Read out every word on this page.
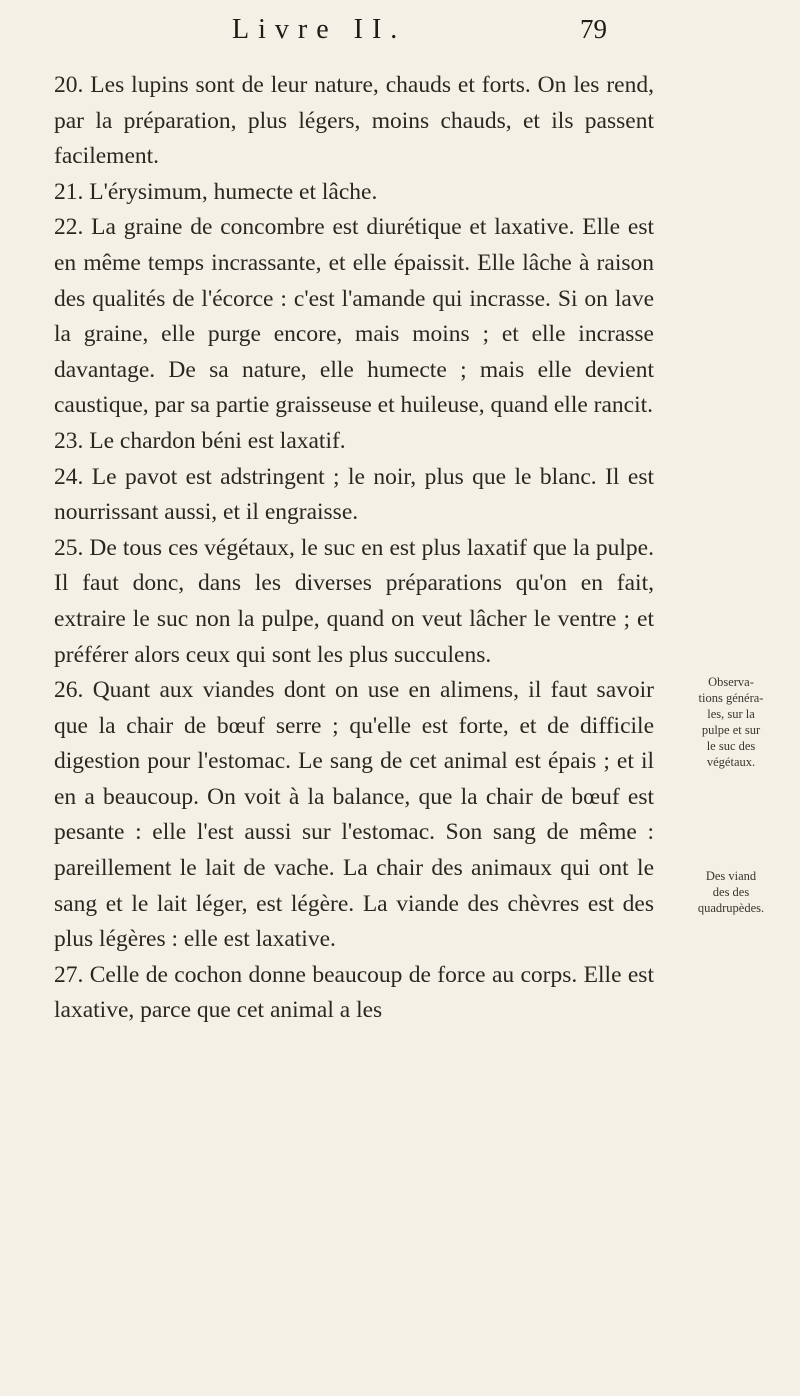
Livre II.	79

20. Les lupins sont de leur nature, chauds et forts. On les rend, par la préparation, plus légers, moins chauds, et ils passent facilement.

21. L'érysimum, humecte et lâche.

22. La graine de concombre est diurétique et laxative. Elle est en même temps incrassante, et elle épaissit. Elle lâche à raison des qualités de l'écorce : c'est l'amande qui incrasse. Si on lave la graine, elle purge encore, mais moins ; et elle incrasse davantage. De sa nature, elle humecte ; mais elle devient caustique, par sa partie graisseuse et huileuse, quand elle rancit.

23. Le chardon béni est laxatif.

24. Le pavot est adstringent ; le noir, plus que le blanc. Il est nourrissant aussi, et il engraisse.

25. De tous ces végétaux, le suc en est plus laxatif que la pulpe. Il faut donc, dans les diverses préparations qu'on en fait, extraire le suc non la pulpe, quand on veut lâcher le ventre ; et préférer alors ceux qui sont les plus succulens.

26. Quant aux viandes dont on use en alimens, il faut savoir que la chair de bœuf serre ; qu'elle est forte, et de difficile digestion pour l'estomac. Le sang de cet animal est épais ; et il en a beaucoup. On voit à la balance, que la chair de bœuf est pesante : elle l'est aussi sur l'estomac. Son sang de même : pareillement le lait de vache. La chair des animaux qui ont le sang et le lait léger, est légère. La viande des chèvres est des plus légères : elle est laxative.

27. Celle de cochon donne beaucoup de force au corps. Elle est laxative, parce que cet animal a les

Observa-
tions généra-
les, sur la
pulpe et sur
le suc des
végétaux.
Des viand
des des
quadrupèdes.
